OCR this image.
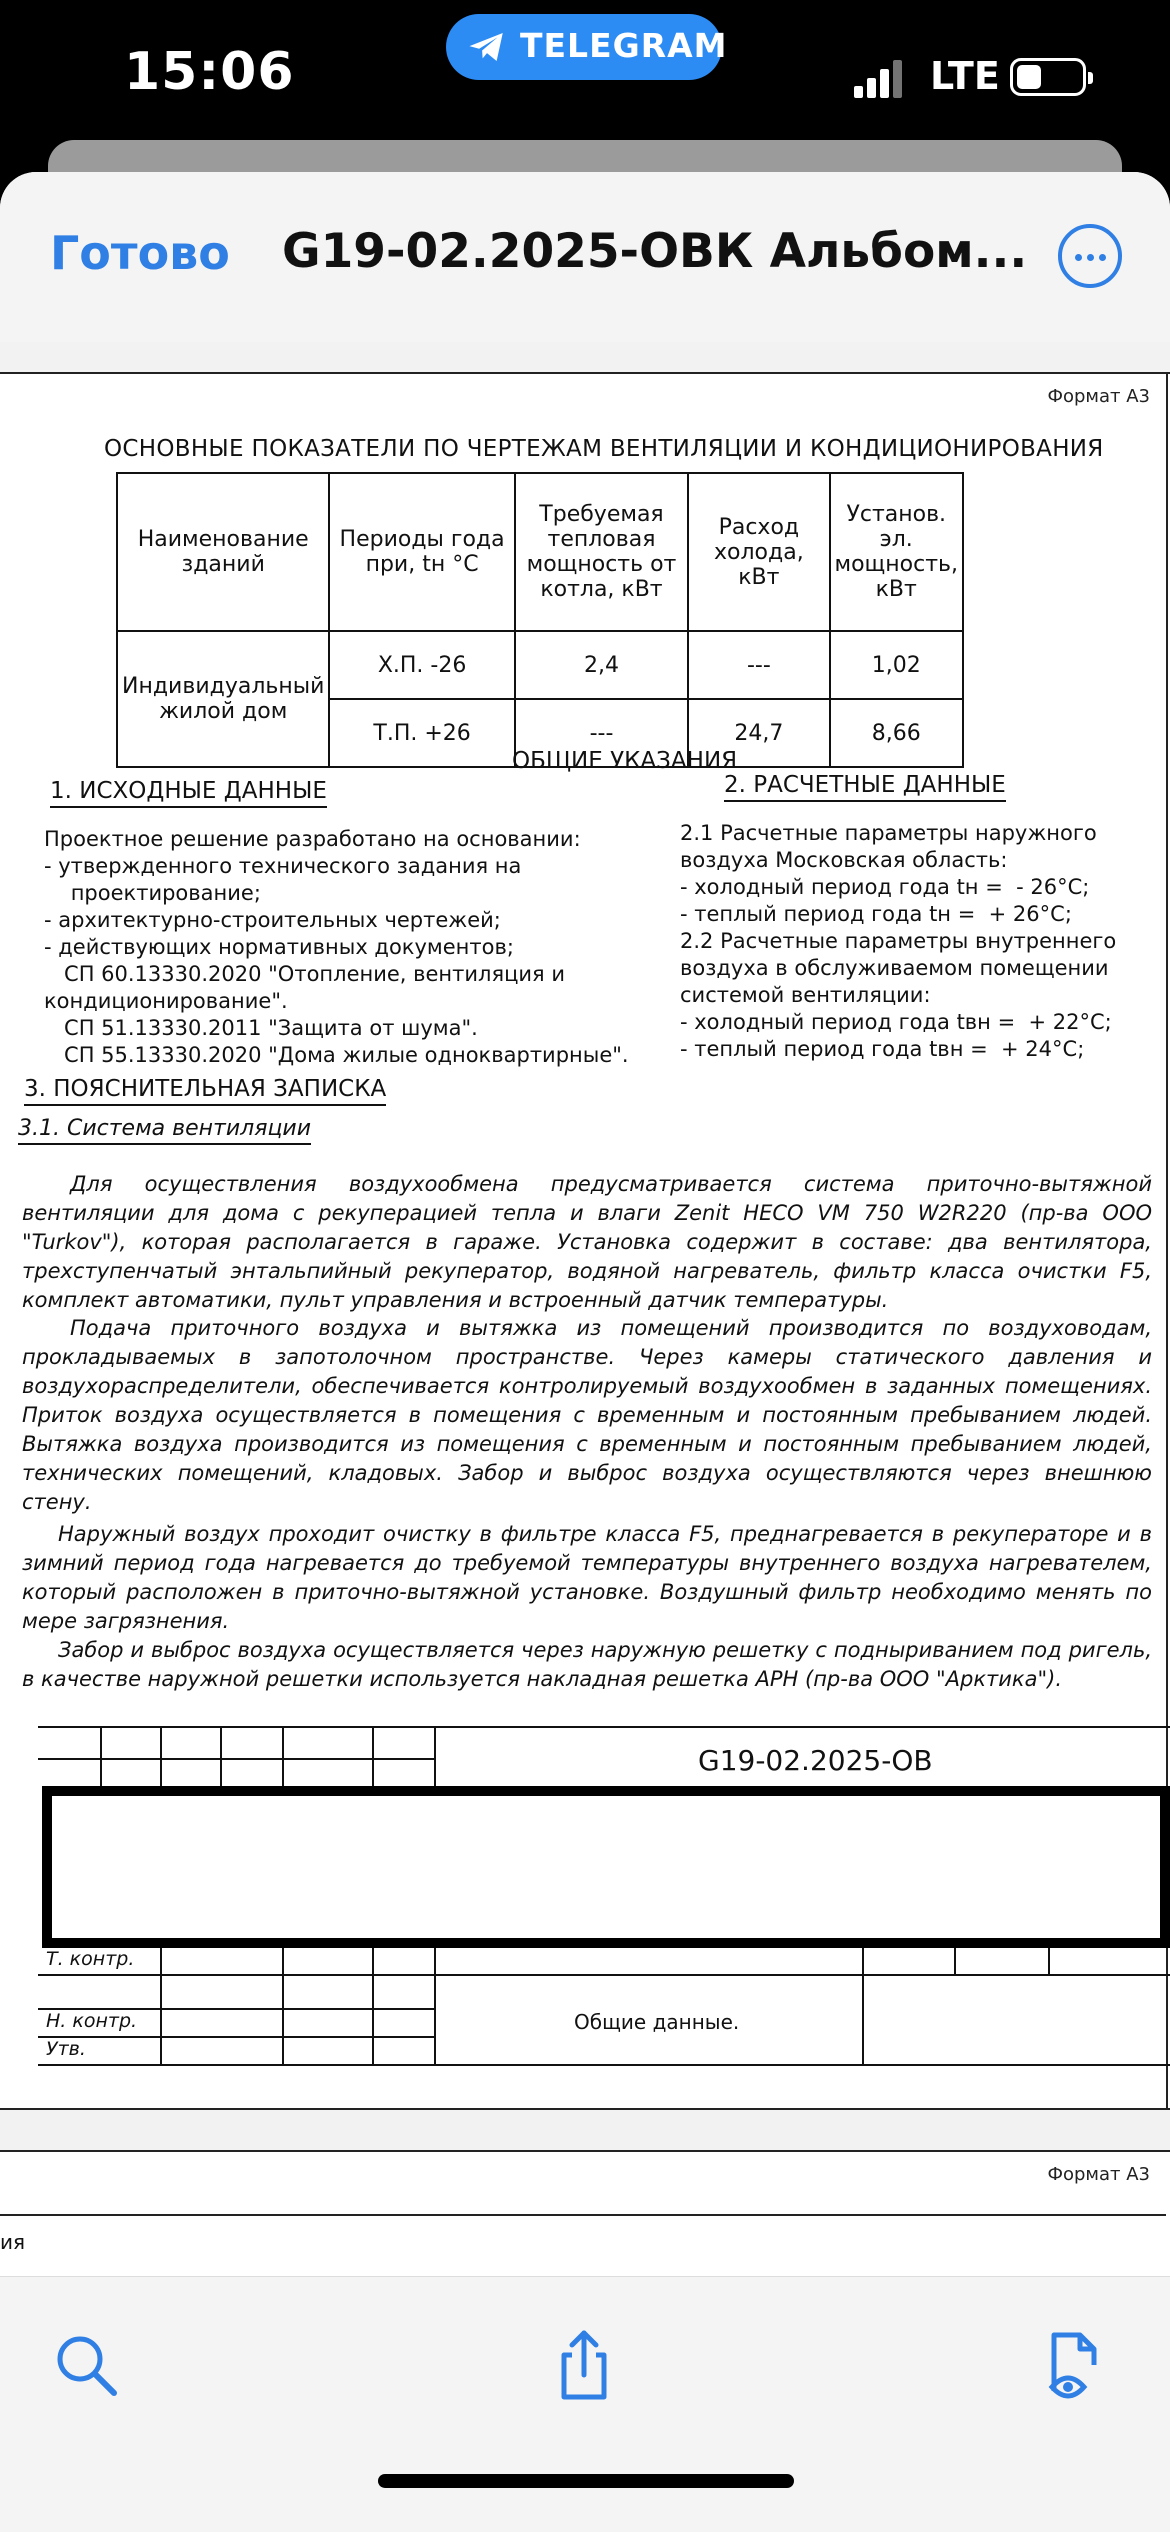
15:06	TELEGRAM
LTE
Готово G19-02.2025-ОВК Альбом...
Формат А3
ОСНОВНЫЕ ПОКАЗАТЕЛИ ПО ЧЕРТЕЖАМ ВЕНТИЛЯЦИИ И КОНДИЦИОНИРОВАНИЯ
Наименование зданий	Периоды года при, tн °C	Требуемая тепловая мощность от котла, кВт	Расход холода, кВт	Установ. эл. мощность, кВт
Индивидуальный жилой дом	Х.П. -26	2,4	---	1,02
	Т.П. +26	---	24,7	8,66
ОБЩИЕ УКАЗАНИЯ
1. ИСХОДНЫЕ ДАННЫЕ
Проектное решение разработано на основании:
- утвержденного технического задания на
проектирование;
- архитектурно-строительных чертежей;
- действующих нормативных документов;
СП 60.13330.2020 "Отопление, вентиляция и
кондиционирование".
СП 51.13330.2011 "Защита от шума".
СП 55.13330.2020 "Дома жилые одноквартирные".
2. РАСЧЕТНЫЕ ДАННЫЕ
2.1 Расчетные параметры наружного
воздуха Московская область:
- холодный период года tн =  - 26°С;
- теплый период года tн =  + 26°С;
2.2 Расчетные параметры внутреннего
воздуха в обслуживаемом помещении
системой вентиляции:
- холодный период года tвн =  + 22°С;
- теплый период года tвн =  + 24°С;
3. ПОЯСНИТЕЛЬНАЯ ЗАПИСКА
3.1. Система вентиляции
Для осуществления воздухообмена предусматривается система приточно-вытяжной вентиляции для дома с рекуперацией тепла и влаги Zenit HECO VM 750 W2R220 (пр-ва ООО "Turkov"), которая располагается в гараже. Установка содержит в составе: два вентилятора, трехступенчатый энтальпийный рекуператор, водяной нагреватель, фильтр класса очистки F5, комплект автоматики, пульт управления и встроенный датчик температуры.
Подача приточного воздуха и вытяжка из помещений производится по воздуховодам, прокладываемых в запотолочном пространстве. Через камеры статического давления и воздухораспределители, обеспечивается контролируемый воздухообмен в заданных помещениях. Приток воздуха осуществляется в помещения с временным и постоянным пребыванием людей. Вытяжка воздуха производится из помещения с временным и постоянным пребыванием людей, технических помещений, кладовых. Забор и выброс воздуха осуществляются через внешнюю стену.
Наружный воздух проходит очистку в фильтре класса F5, преднагревается в рекуператоре и в зимний период года нагревается до требуемой температуры внутреннего воздуха нагревателем, который расположен в приточно-вытяжной установке. Воздушный фильтр необходимо менять по мере загрязнения.
Забор и выброс воздуха осуществляется через наружную решетку с подныриванием под ригель, в качестве наружной решетки используется накладная решетка АРН (пр-ва ООО "Арктика").
G19-02.2025-ОВ
Т. контр.
Н. контр.
Утв.
Общие данные.
Формат А3
ия
